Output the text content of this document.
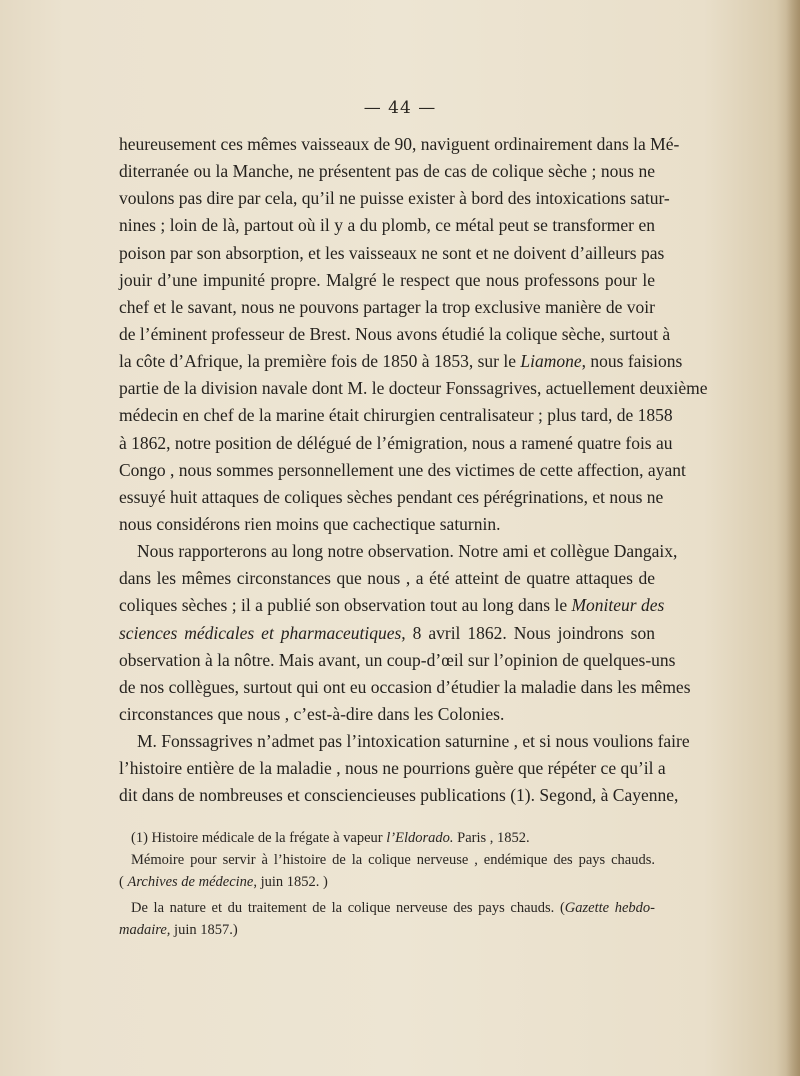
— 44 —
heureusement ces mêmes vaisseaux de 90, naviguent ordinairement dans la Mé-
diterranée ou la Manche, ne présentent pas de cas de colique sèche ; nous ne
voulons pas dire par cela, qu’il ne puisse exister à bord des intoxications satur-
nines ; loin de là, partout où il y a du plomb, ce métal peut se transformer en
poison par son absorption, et les vaisseaux ne sont et ne doivent d’ailleurs pas
jouir d’une impunité propre. Malgré le respect que nous professons pour le
chef et le savant, nous ne pouvons partager la trop exclusive manière de voir
de l’éminent professeur de Brest. Nous avons étudié la colique sèche, surtout à
la côte d’Afrique, la première fois de 1850 à 1853, sur le Liamone, nous faisions
partie de la division navale dont M. le docteur Fonssagrives, actuellement deuxième
médecin en chef de la marine était chirurgien centralisateur ; plus tard, de 1858
à 1862, notre position de délégué de l’émigration, nous a ramené quatre fois au
Congo , nous sommes personnellement une des victimes de cette affection, ayant
essuyé huit attaques de coliques sèches pendant ces pérégrinations, et nous ne
nous considérons rien moins que cachectique saturnin.
Nous rapporterons au long notre observation. Notre ami et collègue Dangaix,
dans les mêmes circonstances que nous , a été atteint de quatre attaques de
coliques sèches ; il a publié son observation tout au long dans le Moniteur des
sciences médicales et pharmaceutiques, 8 avril 1862. Nous joindrons son
observation à la nôtre. Mais avant, un coup-d’œil sur l’opinion de quelques-uns
de nos collègues, surtout qui ont eu occasion d’étudier la maladie dans les mêmes
circonstances que nous , c’est-à-dire dans les Colonies.
M. Fonssagrives n’admet pas l’intoxication saturnine , et si nous voulions faire
l’histoire entière de la maladie , nous ne pourrions guère que répéter ce qu’il a
dit dans de nombreuses et consciencieuses publications (1). Segond, à Cayenne,
(1) Histoire médicale de la frégate à vapeur l’Eldorado. Paris , 1852.
Mémoire pour servir à l’histoire de la colique nerveuse , endémique des pays chauds.
( Archives de médecine, juin 1852. )
De la nature et du traitement de la colique nerveuse des pays chauds. (Gazette hebdo-
madaire, juin 1857.)
